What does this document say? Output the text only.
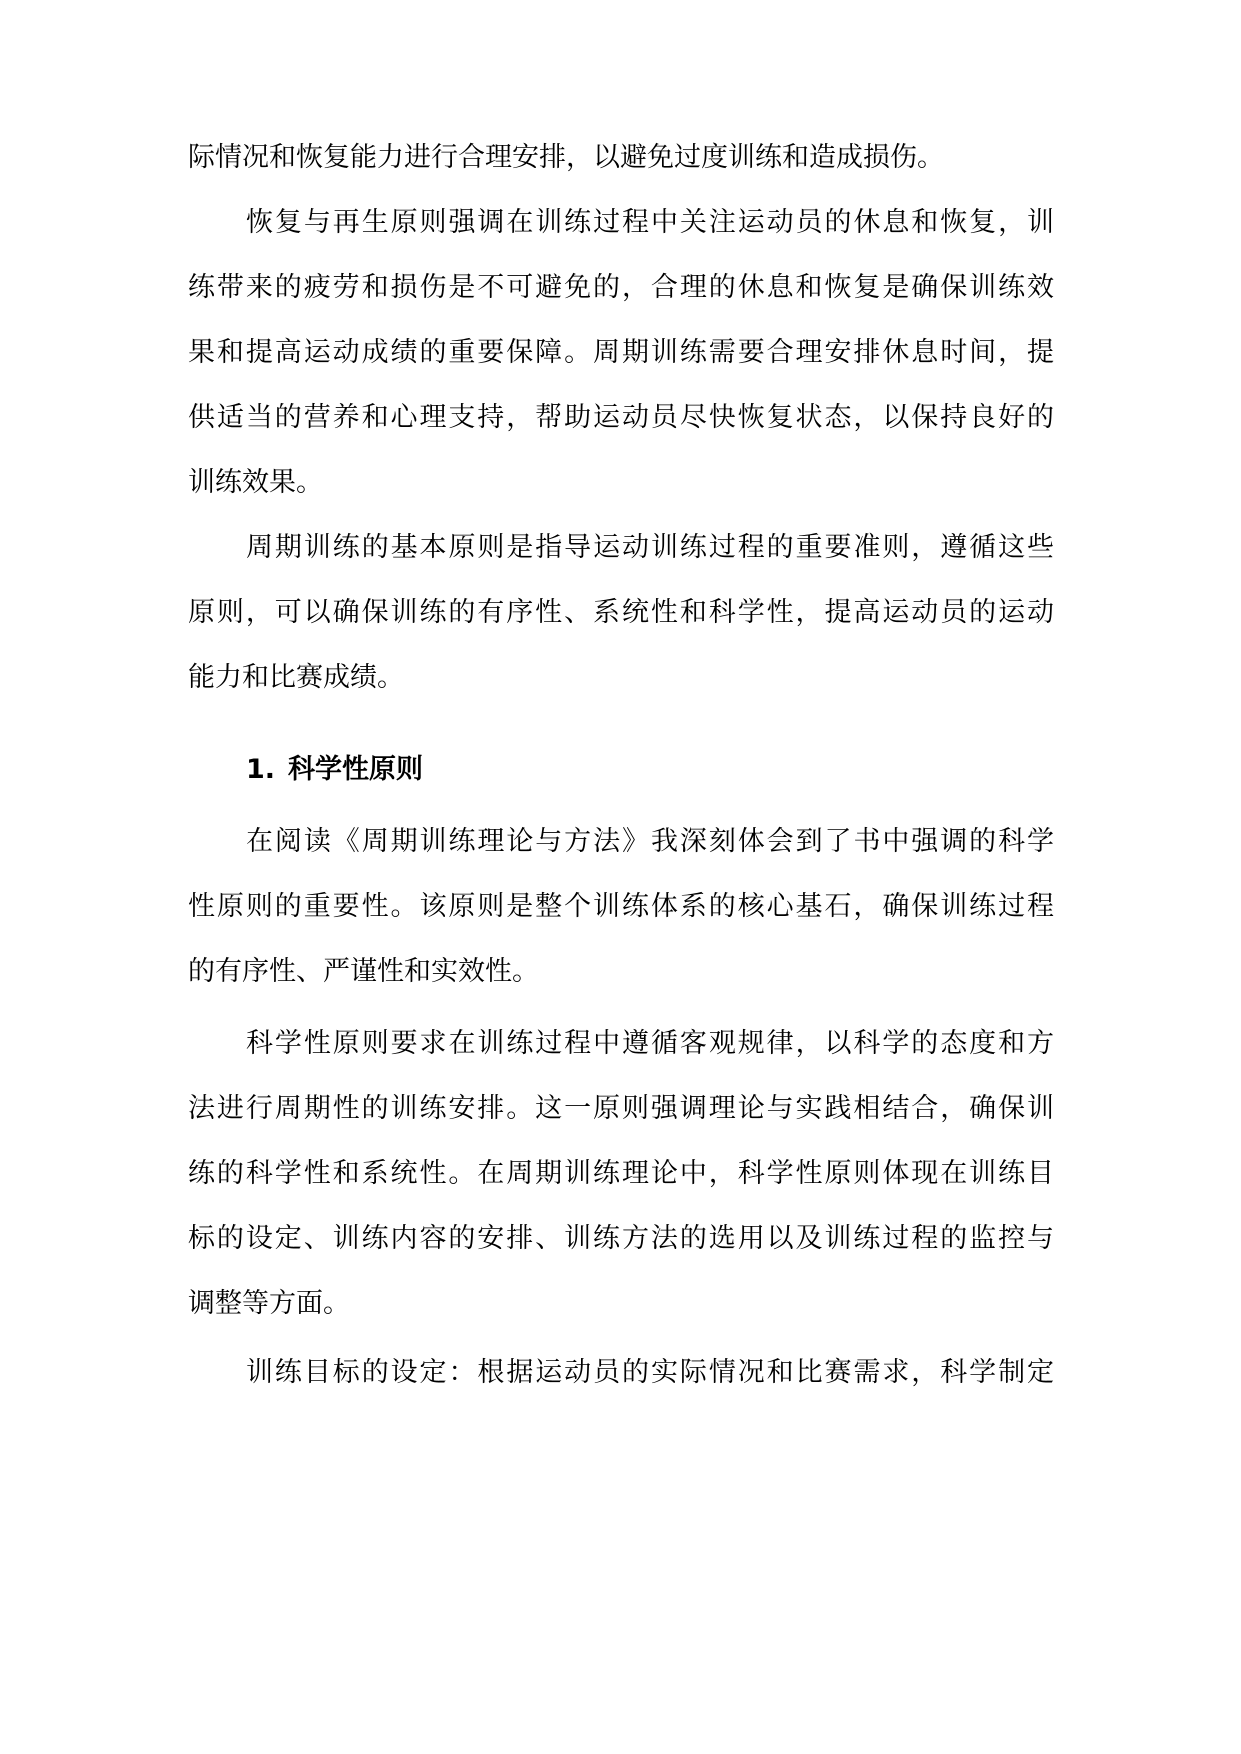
际情况和恢复能力进行合理安排，以避免过度训练和造成损伤。
恢复与再生原则强调在训练过程中关注运动员的休息和恢复，训
练带来的疲劳和损伤是不可避免的，合理的休息和恢复是确保训练效
果和提高运动成绩的重要保障。周期训练需要合理安排休息时间，提
供适当的营养和心理支持，帮助运动员尽快恢复状态，以保持良好的
训练效果。
周期训练的基本原则是指导运动训练过程的重要准则，遵循这些
原则，可以确保训练的有序性、系统性和科学性，提高运动员的运动
能力和比赛成绩。
1. 科学性原则
在阅读《周期训练理论与方法》我深刻体会到了书中强调的科学
性原则的重要性。该原则是整个训练体系的核心基石，确保训练过程
的有序性、严谨性和实效性。
科学性原则要求在训练过程中遵循客观规律，以科学的态度和方
法进行周期性的训练安排。这一原则强调理论与实践相结合，确保训
练的科学性和系统性。在周期训练理论中，科学性原则体现在训练目
标的设定、训练内容的安排、训练方法的选用以及训练过程的监控与
调整等方面。
训练目标的设定：根据运动员的实际情况和比赛需求，科学制定
